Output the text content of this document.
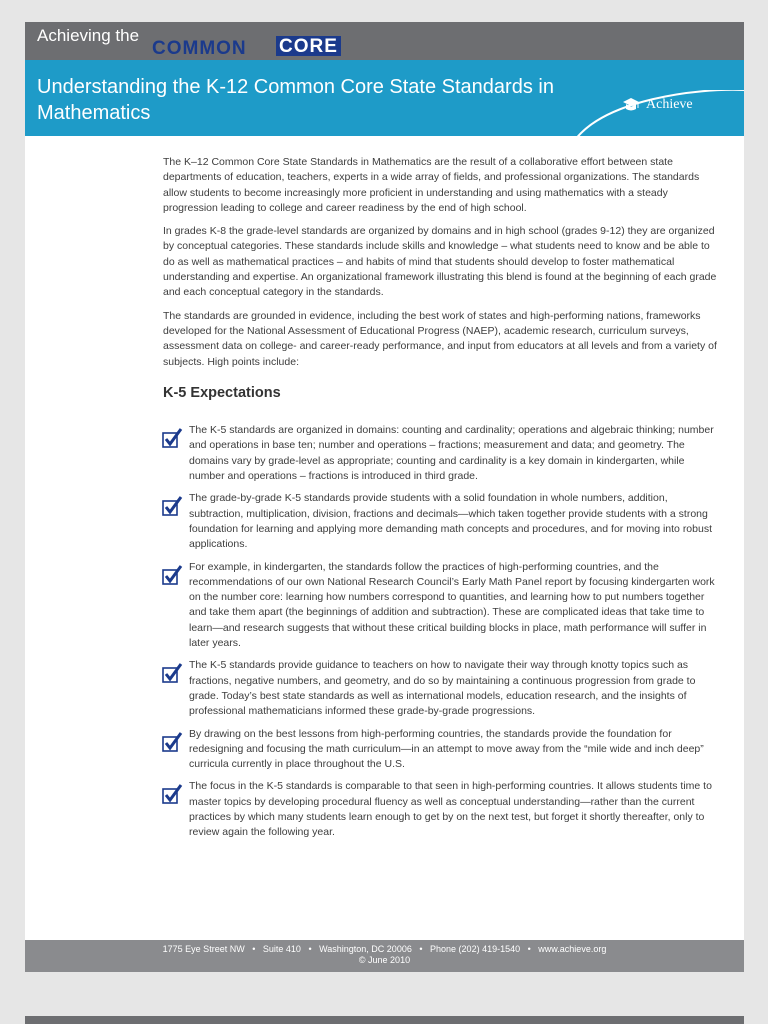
Achieving the
COMMON CORE
Understanding the K-12 Common Core State Standards in Mathematics	Achieve

The K–12 Common Core State Standards in Mathematics are the result of a collaborative effort between state departments of education, teachers, experts in a wide array of fields, and professional organizations. The standards allow students to become increasingly more proficient in understanding and using mathematics with a steady progression leading to college and career readiness by the end of high school.

In grades K-8 the grade-level standards are organized by domains and in high school (grades 9-12) they are organized by conceptual categories. These standards include skills and knowledge – what students need to know and be able to do as well as mathematical practices – and habits of mind that students should develop to foster mathematical understanding and expertise. An organizational framework illustrating this blend is found at the beginning of each grade and each conceptual category in the standards.

The standards are grounded in evidence, including the best work of states and high-performing nations, frameworks developed for the National Assessment of Educational Progress (NAEP), academic research, curriculum surveys, assessment data on college- and career-ready performance, and input from educators at all levels and from a variety of subjects. High points include:

K-5 Expectations
The K-5 standards are organized in domains: counting and cardinality; operations and algebraic thinking; number and operations in base ten; number and operations – fractions; measurement and data; and geometry. The domains vary by grade-level as appropriate; counting and cardinality is a key domain in kindergarten, while number and operations – fractions is introduced in third grade.
The grade-by-grade K-5 standards provide students with a solid foundation in whole numbers, addition, subtraction, multiplication, division, fractions and decimals—which taken together provide students with a strong foundation for learning and applying more demanding math concepts and procedures, and for moving into robust applications.
For example, in kindergarten, the standards follow the practices of high-performing countries, and the recommendations of our own National Research Council’s Early Math Panel report by focusing kindergarten work on the number core: learning how numbers correspond to quantities, and learning how to put numbers together and take them apart (the beginnings of addition and subtraction). These are complicated ideas that take time to learn—and research suggests that without these critical building blocks in place, math performance will suffer in later years.
The K-5 standards provide guidance to teachers on how to navigate their way through knotty topics such as fractions, negative numbers, and geometry, and do so by maintaining a continuous progression from grade to grade. Today’s best state standards as well as international models, education research, and the insights of professional mathematicians informed these grade-by-grade progressions.
By drawing on the best lessons from high-performing countries, the standards provide the foundation for redesigning and focusing the math curriculum—in an attempt to move away from the “mile wide and inch deep” curricula currently in place throughout the U.S.
The focus in the K-5 standards is comparable to that seen in high-performing countries. It allows students time to master topics by developing procedural fluency as well as conceptual understanding—rather than the current practices by which many students learn enough to get by on the next test, but forget it shortly thereafter, only to review again the following year.
1775 Eye Street NW • Suite 410 • Washington, DC 20006 • Phone (202) 419-1540 • www.achieve.org
© June 2010
